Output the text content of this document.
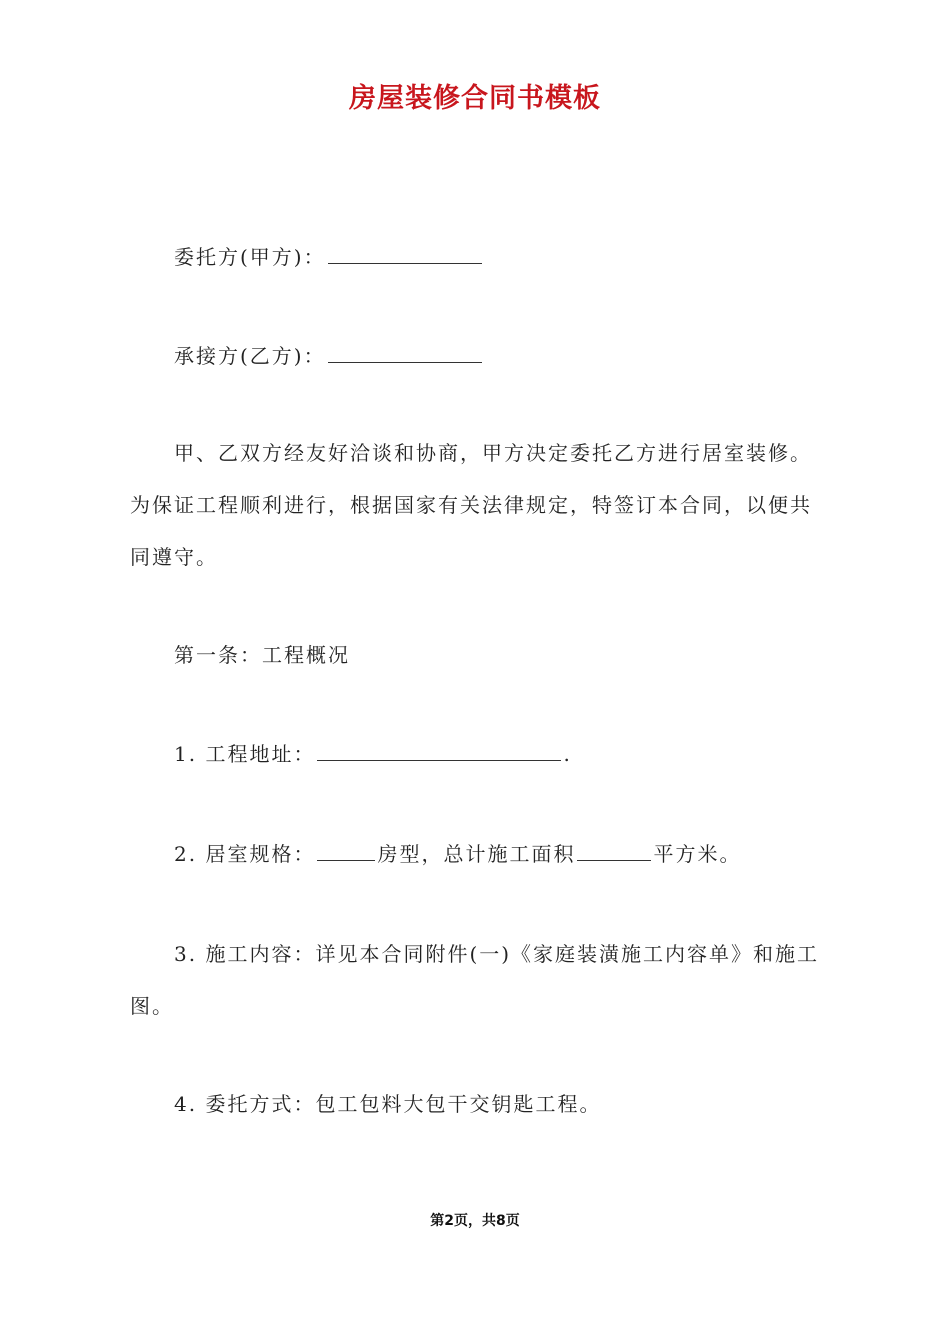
房屋装修合同书模板
委托方(甲方)：
承接方(乙方)：
甲、乙双方经友好洽谈和协商，甲方决定委托乙方进行居室装修。为保证工程顺利进行，根据国家有关法律规定，特签订本合同，以便共同遵守。
第一条：工程概况
1. 工程地址：	.
2. 居室规格：	房型，总计施工面积	平方米。
3. 施工内容：详见本合同附件(一)《家庭装潢施工内容单》和施工图。
4. 委托方式：包工包料大包干交钥匙工程。
第2页，共8页
